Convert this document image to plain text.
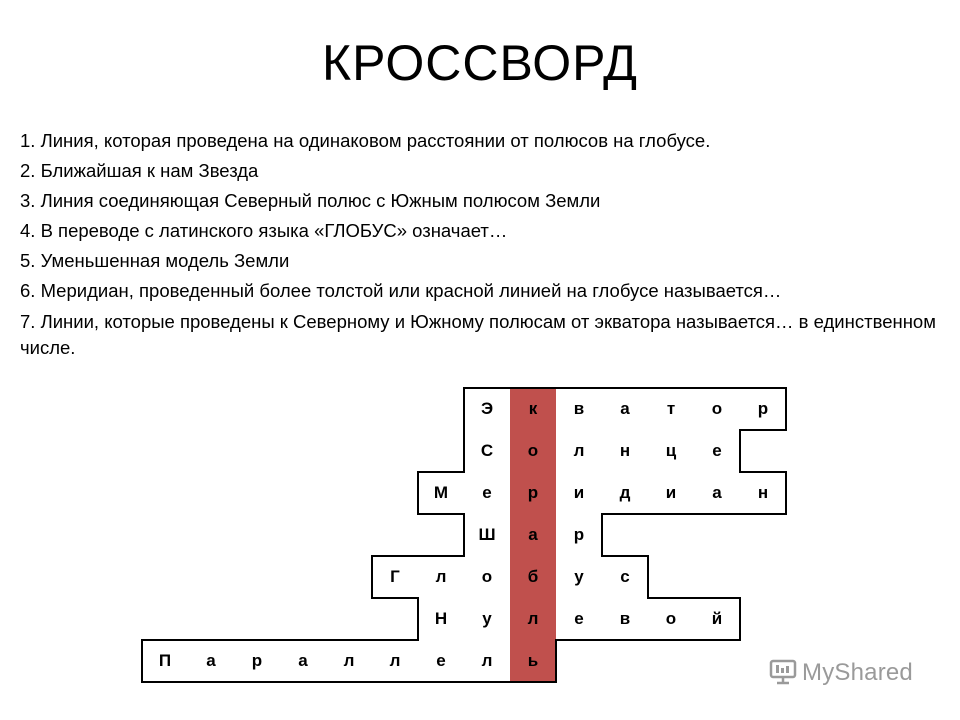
КРОССВОРД
1. Линия, которая проведена на одинаковом расстоянии от полюсов на глобусе.
2. Ближайшая к нам Звезда
3. Линия соединяющая Северный полюс с Южным полюсом Земли
4. В переводе с латинского языка «ГЛОБУС» означает…
5. Уменьшенная модель Земли
6. Меридиан, проведенный более толстой или красной линией на глобусе называется…
7. Линии, которые проведены к Северному и Южному полюсам от экватора называется… в единственном числе.
Э	к	в	а	т	о	р
С	о	л	н	ц	е
М	е	р	и	д	и	а	н
Ш	а	р
Г	л	о	б	у	с
Н	у	л	е	в	о	й
П	а	р	а	л	л	е	л	ь	MyShared
